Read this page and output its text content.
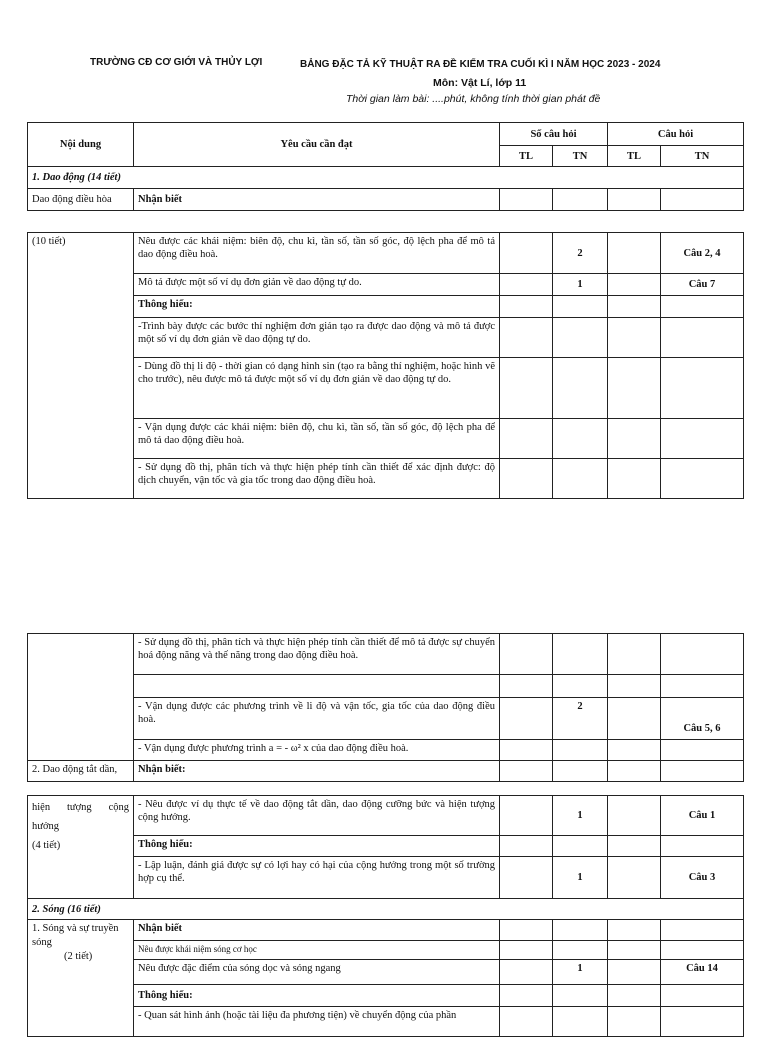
TRƯỜNG CĐ CƠ GIỚI VÀ THỦY LỢI	BẢNG ĐẶC TẢ KỸ THUẬT RA ĐỀ KIỂM TRA CUỐI KÌ I NĂM HỌC 2023 - 2024
Môn: Vật Lí, lớp 11
Thời gian làm bài: ....phút, không tính thời gian phát đề
Nội dung	Yêu cầu cần đạt	Số câu hỏi		Câu hỏi	
		TL	TN	TL	TN
1. Dao động (14 tiết)					
Dao động điều hòa	Nhận biết				
(10 tiết)	Nêu được các khái niệm: biên độ, chu kì, tần số, tần số góc, độ lệch pha để mô tả dao động điều hoà.		2		Câu 2, 4
	Mô tả được một số ví dụ đơn giản về dao động tự do.		1		Câu 7
	Thông hiểu:				
	-Trình bày được các bước thí nghiệm đơn giản tạo ra được dao động và mô tả được một số ví dụ đơn giản về dao động tự do.				
	- Dùng đồ thị li độ - thời gian có dạng hình sin (tạo ra bằng thí nghiệm, hoặc hình vẽ cho trước), nêu được mô tả được một số ví dụ đơn giản về dao động tự do.				
	- Vận dụng được các khái niệm: biên độ, chu kì, tần số, tần số góc, độ lệch pha để mô tả dao động điều hoà.				
	- Sử dụng đồ thị, phân tích và thực hiện phép tính cần thiết để xác định được: độ dịch chuyển, vận tốc và gia tốc trong dao động điều hoà.				
	- Sử dụng đồ thị, phân tích và thực hiện phép tính cần thiết để mô tả được sự chuyển hoá động năng và thế năng trong dao động điều hoà.				

	- Vận dụng được các phương trình về li độ và vận tốc, gia tốc của dao động điều hoà.		2		Câu 5, 6
	- Vận dụng được phương trình a = - ω² x của dao động điều hoà.				
2. Dao động tắt dần,	Nhận biết:				
hiện tượng cộng
hưởng
(4 tiết)	- Nêu được ví dụ thực tế về dao động tắt dần, dao động cưỡng bức và hiện tượng cộng hưởng.		1		Câu 1
	Thông hiểu:				
	- Lập luận, đánh giá được sự có lợi hay có hại của cộng hưởng trong một số trường hợp cụ thể.		1		Câu 3
2. Sóng (16 tiết)					

1. Sóng và sự truyền
sóng
(2 tiết)	Nhận biết				
	Nêu được khái niệm sóng cơ học				
	Nêu được đặc điểm của sóng dọc và sóng ngang		1		Câu 14
	Thông hiểu:				
	- Quan sát hình ảnh (hoặc tài liệu đa phương tiện) về chuyển động của phần				
